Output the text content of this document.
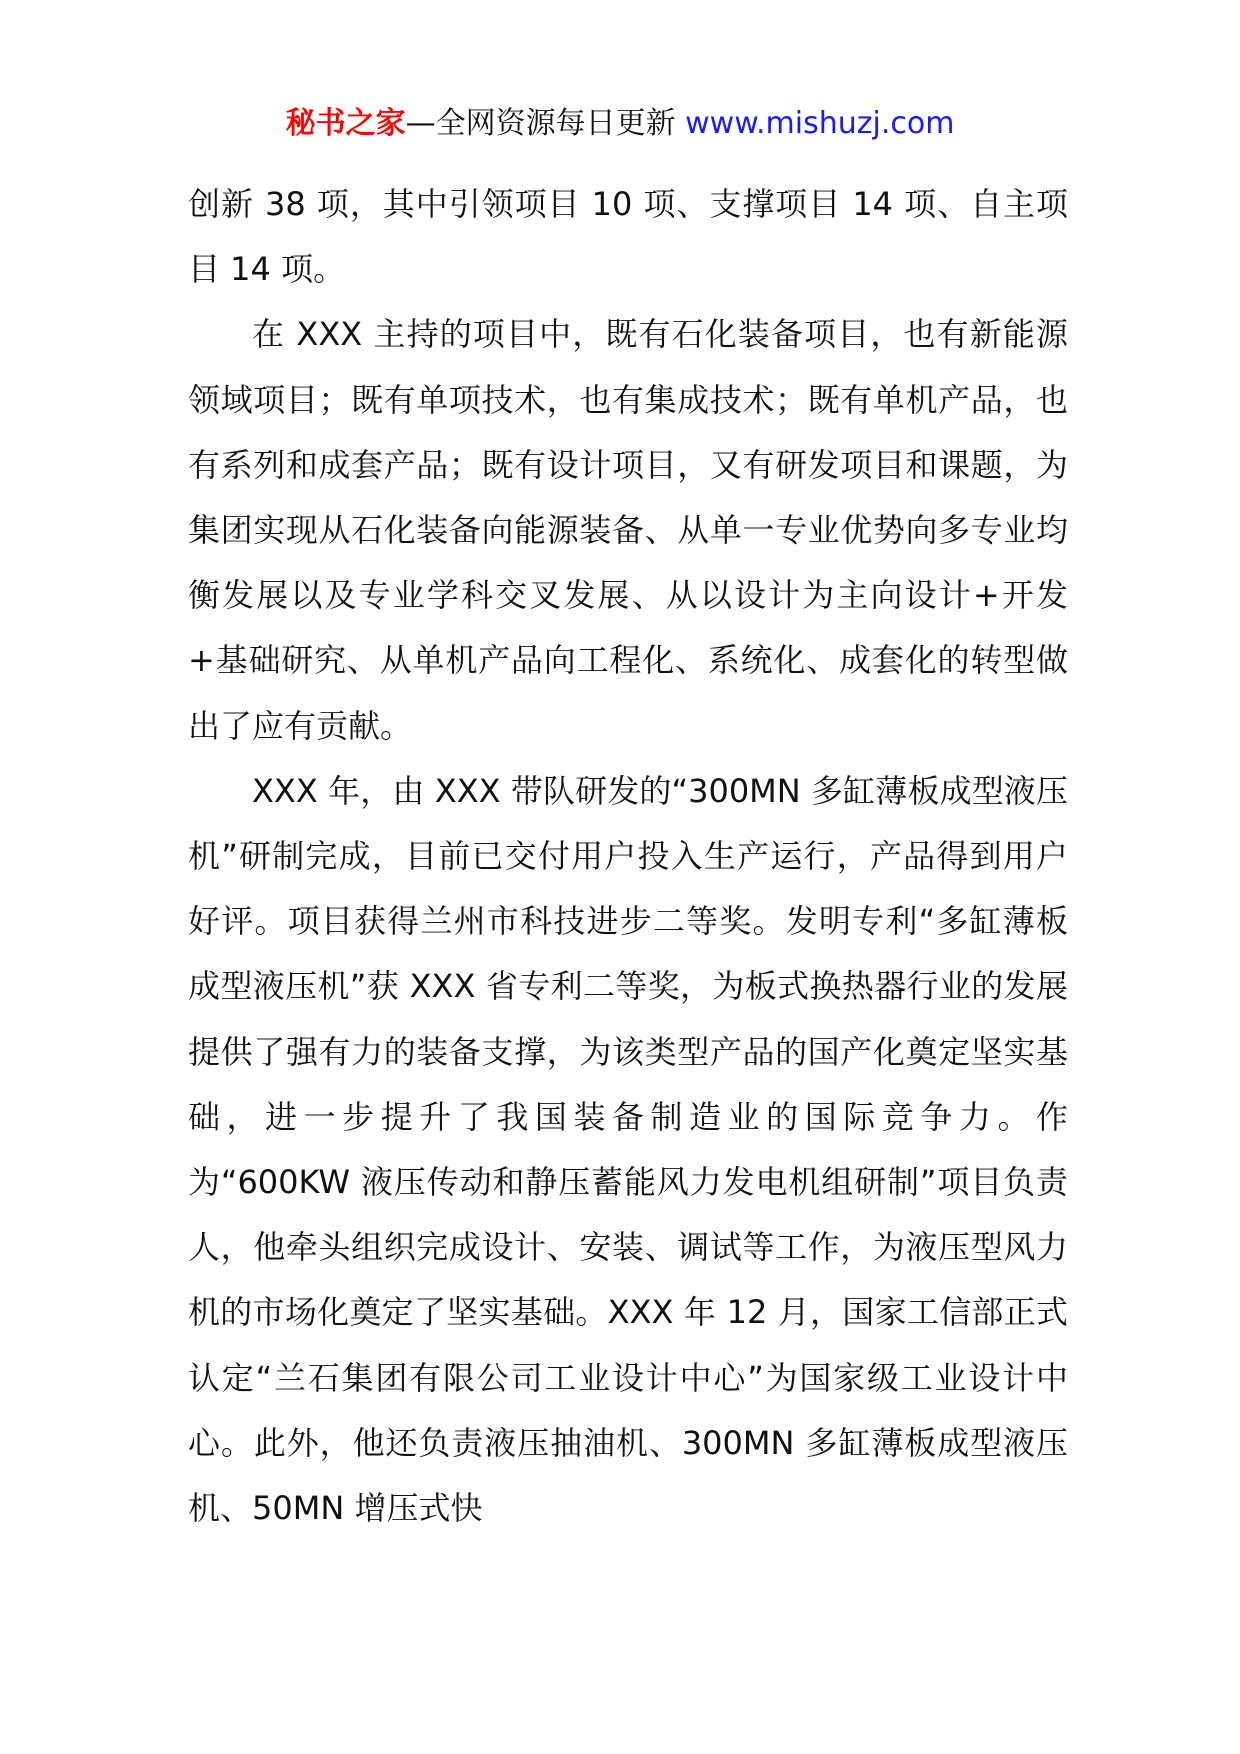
秘书之家—全网资源每日更新 www.mishuzj.com

创新 38 项，其中引领项目 10 项、支撑项目 14 项、自主项目 14 项。

在 XXX 主持的项目中，既有石化装备项目，也有新能源领域项目；既有单项技术，也有集成技术；既有单机产品，也有系列和成套产品；既有设计项目，又有研发项目和课题，为集团实现从石化装备向能源装备、从单一专业优势向多专业均衡发展以及专业学科交叉发展、从以设计为主向设计+开发+基础研究、从单机产品向工程化、系统化、成套化的转型做出了应有贡献。

XXX 年，由 XXX 带队研发的“300MN 多缸薄板成型液压机”研制完成，目前已交付用户投入生产运行，产品得到用户好评。项目获得兰州市科技进步二等奖。发明专利“多缸薄板成型液压机”获 XXX 省专利二等奖，为板式换热器行业的发展提供了强有力的装备支撑，为该类型产品的国产化奠定坚实基础，进一步提升了我国装备制造业的国际竞争力。作为“600KW 液压传动和静压蓄能风力发电机组研制”项目负责人，他牵头组织完成设计、安装、调试等工作，为液压型风力机的市场化奠定了坚实基础。XXX 年 12 月，国家工信部正式认定“兰石集团有限公司工业设计中心”为国家级工业设计中心。此外，他还负责液压抽油机、300MN 多缸薄板成型液压机、50MN 增压式快
